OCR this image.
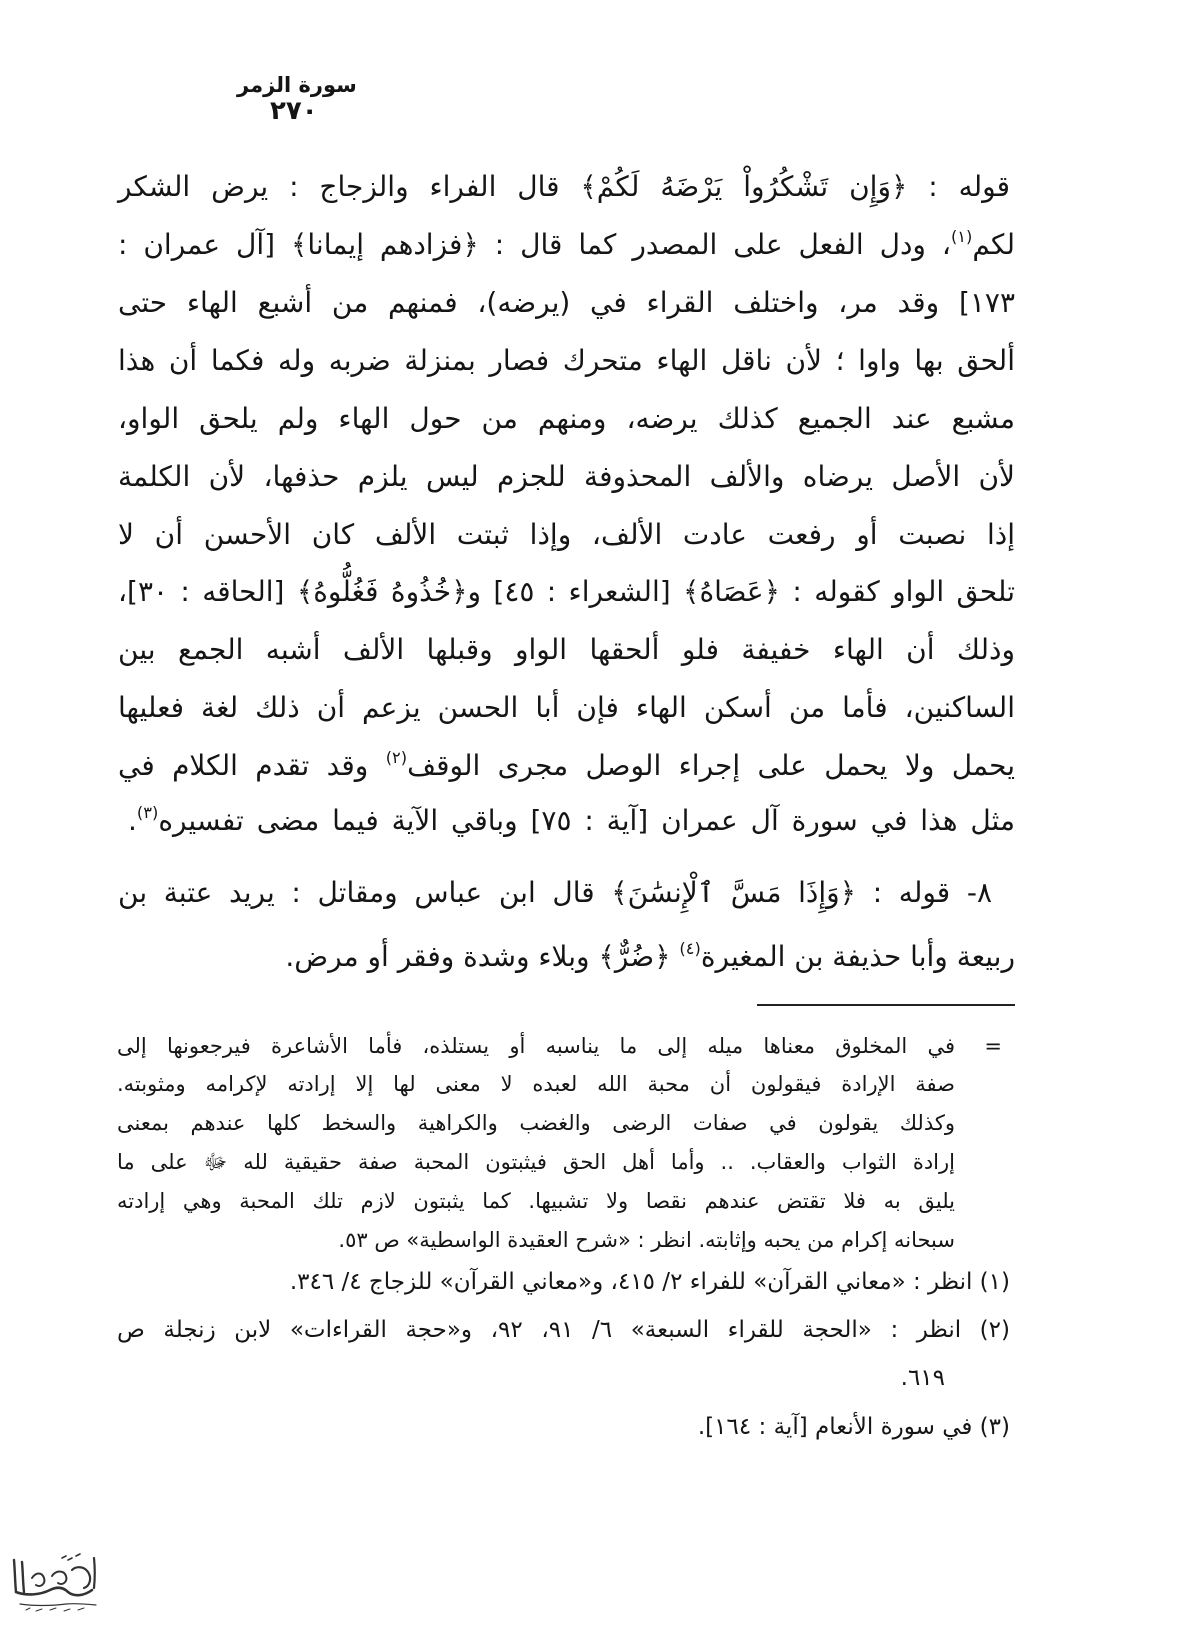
سورة الزمر
٢٧٠
قوله : ﴿وَإِن تَشْكُرُواْ يَرْضَهُ لَكُمْ﴾ قال الفراء والزجاج : يرض الشكر
لكم$^{(١)}$، ودل الفعل على المصدر كما قال : ﴿فزادهم إيمانا﴾ [آل عمران :
١٧٣] وقد مر، واختلف القراء في (يرضه)، فمنهم من أشبع الهاء حتى
ألحق بها واوا ؛ لأن ناقل الهاء متحرك فصار بمنزلة ضربه وله فكما أن هذا
مشبع عند الجميع كذلك يرضه، ومنهم من حول الهاء ولم يلحق الواو،
لأن الأصل يرضاه والألف المحذوفة للجزم ليس يلزم حذفها، لأن الكلمة
إذا نصبت أو رفعت عادت الألف، وإذا ثبتت الألف كان الأحسن أن لا
تلحق الواو كقوله : ﴿عَصَاهُ﴾ [الشعراء : ٤٥] و﴿خُذُوهُ فَغُلُّوهُ﴾ [الحاقه : ٣٠]،
وذلك أن الهاء خفيفة فلو ألحقها الواو وقبلها الألف أشبه الجمع بين
الساكنين، فأما من أسكن الهاء فإن أبا الحسن يزعم أن ذلك لغة فعليها
يحمل ولا يحمل على إجراء الوصل مجرى الوقف$^{(٢)}$ وقد تقدم الكلام في
مثل هذا في سورة آل عمران [آية : ٧٥] وباقي الآية فيما مضى تفسيره$^{(٣)}$.
٨- قوله : ﴿وَإِذَا مَسَّ ٱلْإِنسَٰنَ﴾ قال ابن عباس ومقاتل : يريد عتبة بن
ربيعة وأبا حذيفة بن المغيرة$^{(٤)}$ ﴿ضُرٌّ﴾ وبلاء وشدة وفقر أو مرض.
=
في المخلوق معناها ميله إلى ما يناسبه أو يستلذه، فأما الأشاعرة فيرجعونها إلى
صفة الإرادة فيقولون أن محبة الله لعبده لا معنى لها إلا إرادته لإكرامه ومثوبته.
وكذلك يقولون في صفات الرضى والغضب والكراهية والسخط كلها عندهم بمعنى
إرادة الثواب والعقاب. .. وأما أهل الحق فيثبتون المحبة صفة حقيقية لله ﷻ على ما
يليق به فلا تقتض عندهم نقصا ولا تشبيها. كما يثبتون لازم تلك المحبة وهي إرادته
سبحانه إكرام من يحبه وإثابته. انظر : «شرح العقيدة الواسطية» ص ٥٣.
(١) انظر : «معاني القرآن» للفراء ٢/ ٤١٥، و«معاني القرآن» للزجاج ٤/ ٣٤٦.
(٢) انظر : «الحجة للقراء السبعة» ٦/ ٩١، ٩٢، و«حجة القراءات» لابن زنجلة ص
٦١٩.
(٣) في سورة الأنعام [آية : ١٦٤].
